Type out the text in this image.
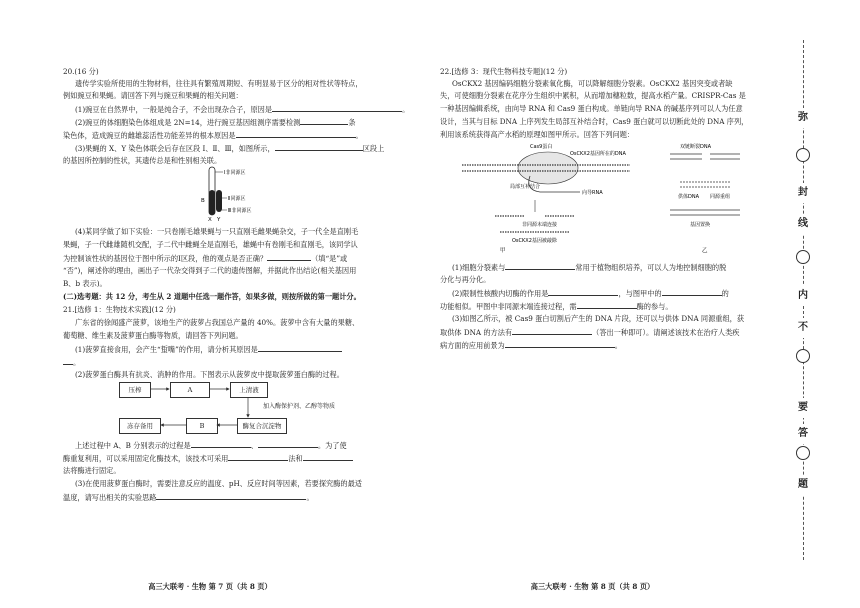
20.(16 分)
遗传学实验所使用的生物材料，往往具有繁殖周期短、有明显易于区分的相对性状等特点，
例如豌豆和果蝇。请回答下列与豌豆和果蝇的相关问题：
(1)豌豆在自然界中，一般是纯合子，不会出现杂合子，原因是	。
(2)豌豆的体细胞染色体组成是 2N=14，进行豌豆基因组测序需要检测	条
染色体，造成豌豆的雌雄蕊活性功能差异的根本原因是	。
(3)果蝇的 X、Y 染色体联会后存在区段 Ⅰ、Ⅱ、Ⅲ，如图所示，	区段上
的基因所控制的性状，其遗传总是和性别相关联。
Ⅰ非同源区
Ⅱ同源区
Ⅲ非同源区
B
X Y
(4)某同学做了如下实验：一只卷刚毛雄果蝇与一只直刚毛雌果蝇杂交，子一代全是直刚毛
果蝇，子一代雌雄随机交配，子二代中雌蝇全是直刚毛，雄蝇中有卷刚毛和直刚毛，该同学认
为控制该性状的基因位于图中所示的Ⅰ区段，他的观点是否正确？	（填“是”或
“否”)，阐述你的理由，画出子一代杂交得到子二代的遗传图解，并据此作出结论(相关基因用
B、b 表示)。
(二)选考题：共 12 分，考生从 2 道题中任选一题作答，如果多做，则按所做的第一题计分。
21.[选修 1：生物技术实践](12 分)
广东省的徐闻盛产菠萝，该地生产的菠萝占我国总产量的 40%。菠萝中含有大量的果糖、
葡萄糖、维生素及菠萝蛋白酶等物质，请回答下列问题。
(1)菠萝直接食用，会产生“蜇嘴”的作用，请分析其原因是
。
(2)菠萝蛋白酶具有抗炎、消肿的作用。下图表示从菠萝皮中提取菠萝蛋白酶的过程。
压榨	A	上清液
加入酶保护剂、乙醇等物质
酶复合沉淀物
B
冻存备用
上述过程中 A、B 分别表示的过程是	、	。为了使
酶重复利用，可以采用固定化酶技术，该技术可采用	法和
法将酶进行固定。
(3)在使用菠萝蛋白酶时，需要注意反应的温度、pH、反应时间等因素，若要探究酶的最适
温度，请写出相关的实验思路	。
高三大联考 · 生物 第 7 页（共 8 页）
22.[选修 3：现代生物科技专题](12 分)
OsCKX2 基因编码细胞分裂素氧化酶，可以降解细胞分裂素。OsCKX2 基因突变或者缺
失，可使细胞分裂素在花序分生组织中累积，从而增加穗粒数，提高水稻产量。CRISPR-Cas 是
一种基因编辑系统，由向导 RNA 和 Cas9 蛋白构成。单链向导 RNA 的碱基序列可以人为任意
设计，当其与目标 DNA 上序列发生局部互补结合时，Cas9 蛋白就可以切断此处的 DNA 序列，
利用该系统获得高产水稻的原理如图甲所示。回答下列问题：
Cas9蛋白
OsCKX2基因所在的DNA
局部互补结合
向导RNA
非同源末端连接
OsCKX2基因被敲除
甲
双链断裂DNA
供体DNA 同源重组
基因置换
乙
(1)细胞分裂素与	常用于植物组织培养，可以人为地控制细胞的脱
分化与再分化。
(2)限制性核酸内切酶的作用是	，与图甲中的	的
功能相似。甲图中非同源末端连接过程，需	酶的参与。
(3)如图乙所示，被 Cas9 蛋白切割后产生的 DNA 片段，还可以与供体 DNA 同源重组，获
取供体 DNA 的方法有	（答出一种即可）。请阐述该技术在治疗人类疾
病方面的应用前景为	。
高三大联考 · 生物 第 8 页（共 8 页）
弥
封
线
内
不
要
答
题
